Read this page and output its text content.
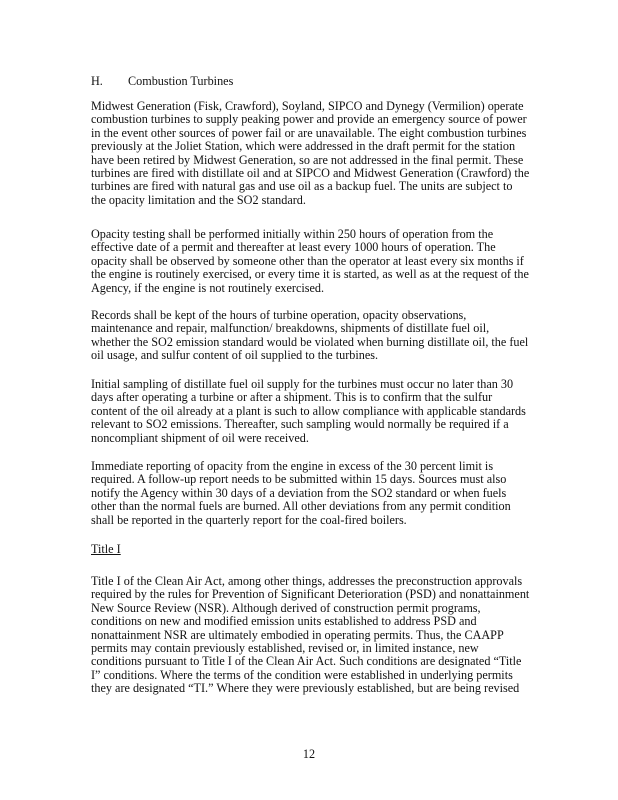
H. Combustion Turbines

Midwest Generation (Fisk, Crawford), Soyland, SIPCO and Dynegy (Vermilion) operate
combustion turbines to supply peaking power and provide an emergency source of power
in the event other sources of power fail or are unavailable. The eight combustion turbines
previously at the Joliet Station, which were addressed in the draft permit for the station
have been retired by Midwest Generation, so are not addressed in the final permit. These
turbines are fired with distillate oil and at SIPCO and Midwest Generation (Crawford) the
turbines are fired with natural gas and use oil as a backup fuel. The units are subject to
the opacity limitation and the SO2 standard.

Opacity testing shall be performed initially within 250 hours of operation from the
effective date of a permit and thereafter at least every 1000 hours of operation. The
opacity shall be observed by someone other than the operator at least every six months if
the engine is routinely exercised, or every time it is started, as well as at the request of the
Agency, if the engine is not routinely exercised.

Records shall be kept of the hours of turbine operation, opacity observations,
maintenance and repair, malfunction/ breakdowns, shipments of distillate fuel oil,
whether the SO2 emission standard would be violated when burning distillate oil, the fuel
oil usage, and sulfur content of oil supplied to the turbines.

Initial sampling of distillate fuel oil supply for the turbines must occur no later than 30
days after operating a turbine or after a shipment. This is to confirm that the sulfur
content of the oil already at a plant is such to allow compliance with applicable standards
relevant to SO2 emissions. Thereafter, such sampling would normally be required if a
noncompliant shipment of oil were received.

Immediate reporting of opacity from the engine in excess of the 30 percent limit is
required. A follow-up report needs to be submitted within 15 days. Sources must also
notify the Agency within 30 days of a deviation from the SO2 standard or when fuels
other than the normal fuels are burned. All other deviations from any permit condition
shall be reported in the quarterly report for the coal-fired boilers.

Title I

Title I of the Clean Air Act, among other things, addresses the preconstruction approvals
required by the rules for Prevention of Significant Deterioration (PSD) and nonattainment
New Source Review (NSR). Although derived of construction permit programs,
conditions on new and modified emission units established to address PSD and
nonattainment NSR are ultimately embodied in operating permits. Thus, the CAAPP
permits may contain previously established, revised or, in limited instance, new
conditions pursuant to Title I of the Clean Air Act. Such conditions are designated “Title
I” conditions. Where the terms of the condition were established in underlying permits
they are designated “TI.” Where they were previously established, but are being revised

12
